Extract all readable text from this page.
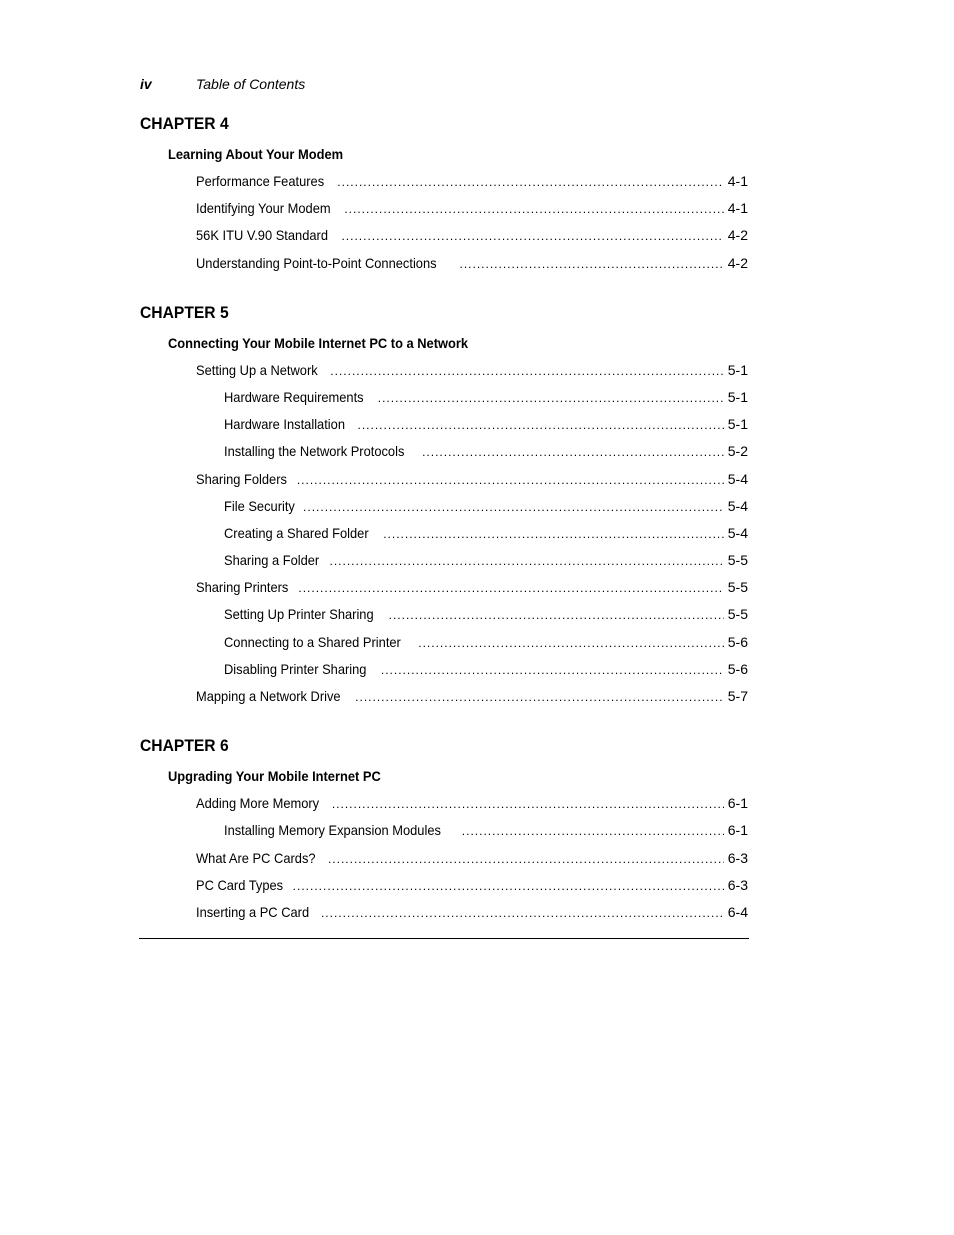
iv	Table of Contents
CHAPTER 4
Learning About Your Modem
Performance Features .....	4-1
Identifying Your Modem .....	4-1
56K ITU V.90 Standard .....	4-2
Understanding Point-to-Point Connections .....	4-2
CHAPTER 5
Connecting Your Mobile Internet PC to a Network
Setting Up a Network .....	5-1
Hardware Requirements .....	5-1
Hardware Installation .....	5-1
Installing the Network Protocols .....	5-2
Sharing Folders .....	5-4
File Security .....	5-4
Creating a Shared Folder .....	5-4
Sharing a Folder .....	5-5
Sharing Printers .....	5-5
Setting Up Printer Sharing .....	5-5
Connecting to a Shared Printer .....	5-6
Disabling Printer Sharing .....	5-6
Mapping a Network Drive .....	5-7
CHAPTER 6
Upgrading Your Mobile Internet PC
Adding More Memory .....	6-1
Installing Memory Expansion Modules .....	6-1
What Are PC Cards? .....	6-3
PC Card Types .....	6-3
Inserting a PC Card .....	6-4
